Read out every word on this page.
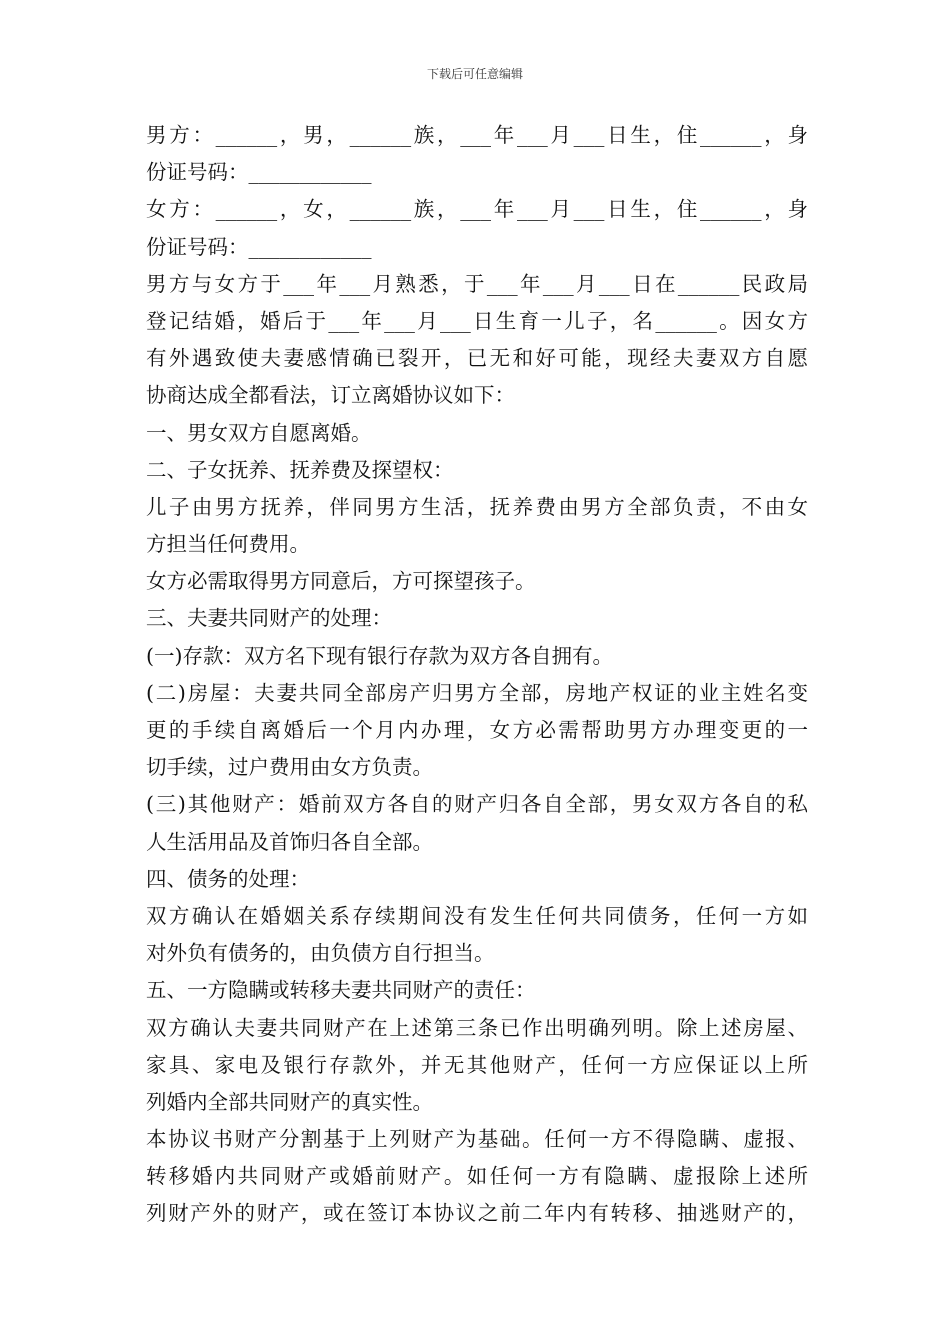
下载后可任意编辑
男方：______，男，______族，___年___月___日生，住______，身
份证号码：____________
女方：______，女，______族，___年___月___日生，住______，身
份证号码：____________
男方与女方于___年___月熟悉，于___年___月___日在______民政局
登记结婚，婚后于___年___月___日生育一儿子，名______。因女方
有外遇致使夫妻感情确已裂开，已无和好可能，现经夫妻双方自愿
协商达成全都看法，订立离婚协议如下：
一、男女双方自愿离婚。
二、子女抚养、抚养费及探望权：
儿子由男方抚养，伴同男方生活，抚养费由男方全部负责，不由女
方担当任何费用。
女方必需取得男方同意后，方可探望孩子。
三、夫妻共同财产的处理：
(一)存款：双方名下现有银行存款为双方各自拥有。
(二)房屋：夫妻共同全部房产归男方全部，房地产权证的业主姓名变
更的手续自离婚后一个月内办理，女方必需帮助男方办理变更的一
切手续，过户费用由女方负责。
(三)其他财产：婚前双方各自的财产归各自全部，男女双方各自的私
人生活用品及首饰归各自全部。
四、债务的处理：
双方确认在婚姻关系存续期间没有发生任何共同债务，任何一方如
对外负有债务的，由负债方自行担当。
五、一方隐瞒或转移夫妻共同财产的责任：
双方确认夫妻共同财产在上述第三条已作出明确列明。除上述房屋、
家具、家电及银行存款外，并无其他财产，任何一方应保证以上所
列婚内全部共同财产的真实性。
本协议书财产分割基于上列财产为基础。任何一方不得隐瞒、虚报、
转移婚内共同财产或婚前财产。如任何一方有隐瞒、虚报除上述所
列财产外的财产，或在签订本协议之前二年内有转移、抽逃财产的，
